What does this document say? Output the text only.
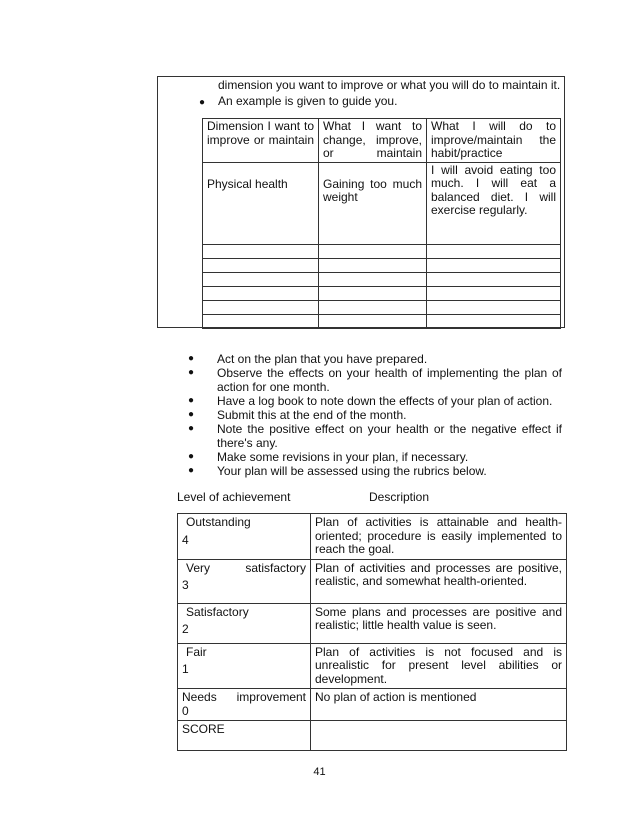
dimension you want to improve or what you will do to maintain it.
● An example is given to guide you.
Dimension I want to improve or maintain	What I want to change, improve, or maintain	What I will do to improve/maintain the habit/practice
Physical health	Gaining too much weight	I will avoid eating too much. I will eat a balanced diet. I will exercise regularly.

● Act on the plan that you have prepared.
● Observe the effects on your health of implementing the plan of action for one month.
● Have a log book to note down the effects of your plan of action.
● Submit this at the end of the month.
● Note the positive effect on your health or the negative effect if there's any.
● Make some revisions in your plan, if necessary.
● Your plan will be assessed using the rubrics below.
Level of achievement	Description
Outstanding
4	Plan of activities is attainable and health-oriented; procedure is easily implemented to reach the goal.

Very satisfactory
3	Plan of activities and processes are positive, realistic, and somewhat health-oriented.

Satisfactory
2	Some plans and processes are positive and realistic; little health value is seen.

Fair
1	Plan of activities is not focused and is unrealistic for present level abilities or development.

Needs improvement
0	No plan of action is mentioned
SCORE	
41
